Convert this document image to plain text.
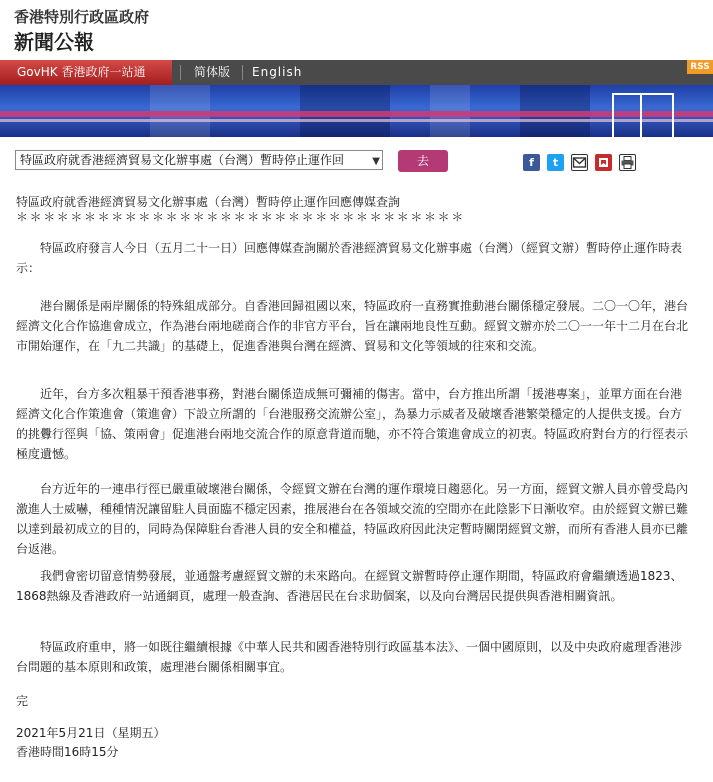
香港特別行政區政府
新聞公報
GovHK 香港政府一站通	简体版 English	RSS
特區政府就香港經濟貿易文化辦事處（台灣）暫時停止運作回	▼	去	f	t
特區政府就香港經濟貿易文化辦事處（台灣）暫時停止運作回應傳媒查詢
＊＊＊＊＊＊＊＊＊＊＊＊＊＊＊＊＊＊＊＊＊＊＊＊＊＊＊＊＊＊＊＊＊

特區政府發言人今日（五月二十一日）回應傳媒查詢關於香港經濟貿易文化辦事處（台灣）（經貿文辦）暫時停止運作時表示：

港台關係是兩岸關係的特殊組成部分。自香港回歸祖國以來，特區政府一直務實推動港台關係穩定發展。二〇一〇年，港台經濟文化合作協進會成立，作為港台兩地磋商合作的非官方平台，旨在讓兩地良性互動。經貿文辦亦於二〇一一年十二月在台北市開始運作，在「九二共識」的基礎上，促進香港與台灣在經濟、貿易和文化等領域的往來和交流。

近年，台方多次粗暴干預香港事務，對港台關係造成無可彌補的傷害。當中，台方推出所謂「援港專案」，並單方面在台港經濟文化合作策進會（策進會）下設立所謂的「台港服務交流辦公室」，為暴力示威者及破壞香港繁榮穩定的人提供支援。台方的挑釁行徑與「協、策兩會」促進港台兩地交流合作的原意背道而馳，亦不符合策進會成立的初衷。特區政府對台方的行徑表示極度遺憾。

台方近年的一連串行徑已嚴重破壞港台關係，令經貿文辦在台灣的運作環境日趨惡化。另一方面，經貿文辦人員亦曾受島內激進人士威嚇，種種情況讓留駐人員面臨不穩定因素，推展港台在各領域交流的空間亦在此陰影下日漸收窄。由於經貿文辦已難以達到最初成立的目的，同時為保障駐台香港人員的安全和權益，特區政府因此決定暫時關閉經貿文辦，而所有香港人員亦已離台返港。

我們會密切留意情勢發展，並通盤考慮經貿文辦的未來路向。在經貿文辦暫時停止運作期間，特區政府會繼續透過1823、1868熱線及香港政府一站通網頁，處理一般查詢、香港居民在台求助個案，以及向台灣居民提供與香港相關資訊。

特區政府重申，將一如既往繼續根據《中華人民共和國香港特別行政區基本法》、一個中國原則，以及中央政府處理香港涉台問題的基本原則和政策，處理港台關係相關事宜。

完
2021年5月21日（星期五）
香港時間16時15分
